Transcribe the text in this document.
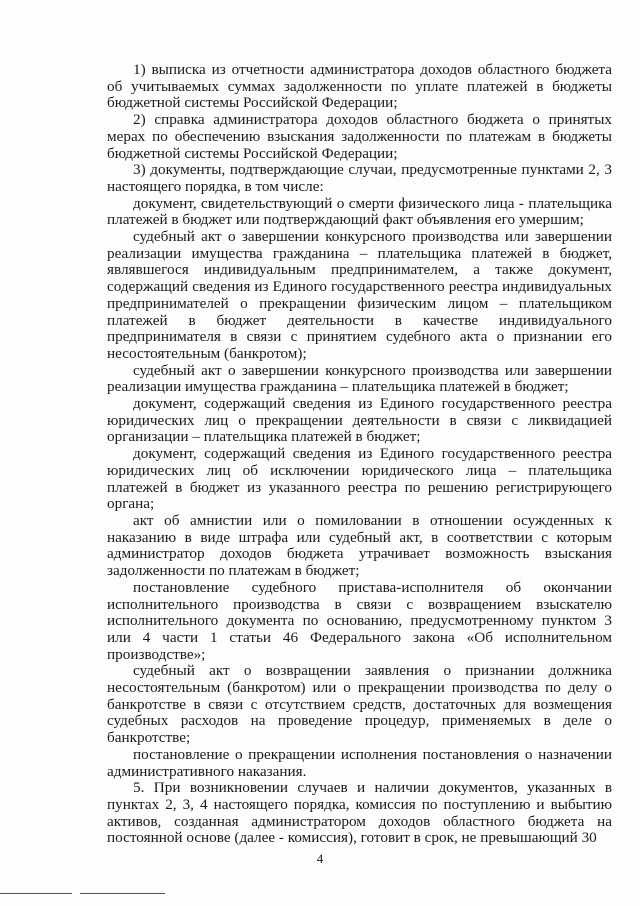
1) выписка из отчетности администратора доходов областного бюджета об учитываемых суммах задолженности по уплате платежей в бюджеты бюджетной системы Российской Федерации;

2) справка администратора доходов областного бюджета о принятых мерах по обеспечению взыскания задолженности по платежам в бюджеты бюджетной системы Российской Федерации;

3) документы, подтверждающие случаи, предусмотренные пунктами 2, 3 настоящего порядка, в том числе:

документ, свидетельствующий о смерти физического лица - плательщика платежей в бюджет или подтверждающий факт объявления его умершим;

судебный акт о завершении конкурсного производства или завершении реализации имущества гражданина – плательщика платежей в бюджет, являвшегося индивидуальным предпринимателем, а также документ, содержащий сведения из Единого государственного реестра индивидуальных предпринимателей о прекращении физическим лицом – плательщиком платежей в бюджет деятельности в качестве индивидуального предпринимателя в связи с принятием судебного акта о признании его несостоятельным (банкротом);

судебный акт о завершении конкурсного производства или завершении реализации имущества гражданина – плательщика платежей в бюджет;

документ, содержащий сведения из Единого государственного реестра юридических лиц о прекращении деятельности в связи с ликвидацией организации – плательщика платежей в бюджет;

документ, содержащий сведения из Единого государственного реестра юридических лиц об исключении юридического лица – плательщика платежей в бюджет из указанного реестра по решению регистрирующего органа;

акт об амнистии или о помиловании в отношении осужденных к наказанию в виде штрафа или судебный акт, в соответствии с которым администратор доходов бюджета утрачивает возможность взыскания задолженности по платежам в бюджет;

постановление судебного пристава-исполнителя об окончании исполнительного производства в связи с возвращением взыскателю исполнительного документа по основанию, предусмотренному пунктом 3 или 4 части 1 статьи 46 Федерального закона «Об исполнительном производстве»;

судебный акт о возвращении заявления о признании должника несостоятельным (банкротом) или о прекращении производства по делу о банкротстве в связи с отсутствием средств, достаточных для возмещения судебных расходов на проведение процедур, применяемых в деле о банкротстве;

постановление о прекращении исполнения постановления о назначении административного наказания.

5. При возникновении случаев и наличии документов, указанных в пунктах 2, 3, 4 настоящего порядка, комиссия по поступлению и выбытию активов, созданная администратором доходов областного бюджета на постоянной основе (далее - комиссия), готовит в срок, не превышающий 30

4
